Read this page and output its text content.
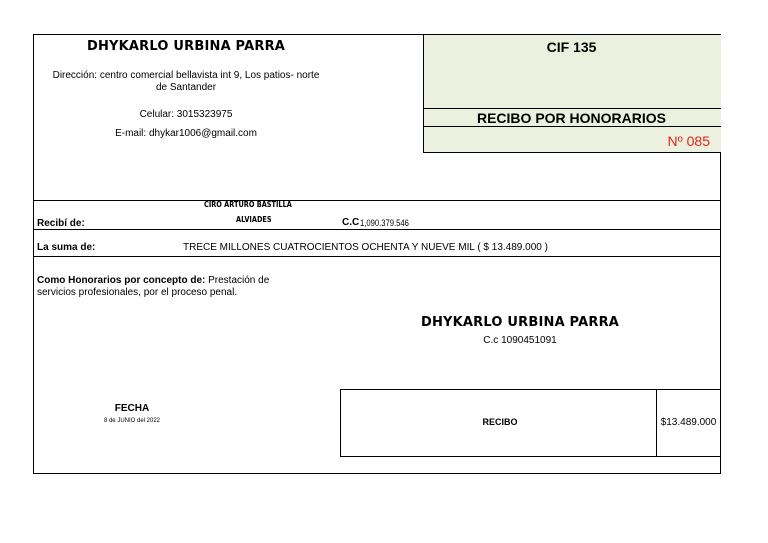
DHYKARLO URBINA PARRA
Dirección: centro comercial bellavista int 9, Los patios- norte
de Santander
Celular: 3015323975
E-mail: dhykar1006@gmail.com
CIF 135
RECIBO POR HONORARIOS
Nº 085
Recibí de:
CIRO ARTURO BASTILLA
ALVIADES	C.C 1,090.379.546
La suma de:	TRECE MILLONES CUATROCIENTOS OCHENTA Y NUEVE MIL ( $ 13.489.000 )
Como Honorarios por concepto de: Prestación de
servicios profesionales, por el proceso penal.
DHYKARLO URBINA PARRA
C.c 1090451091
FECHA
8 de JUNIO del 2022	RECIBO	$13.489.000
